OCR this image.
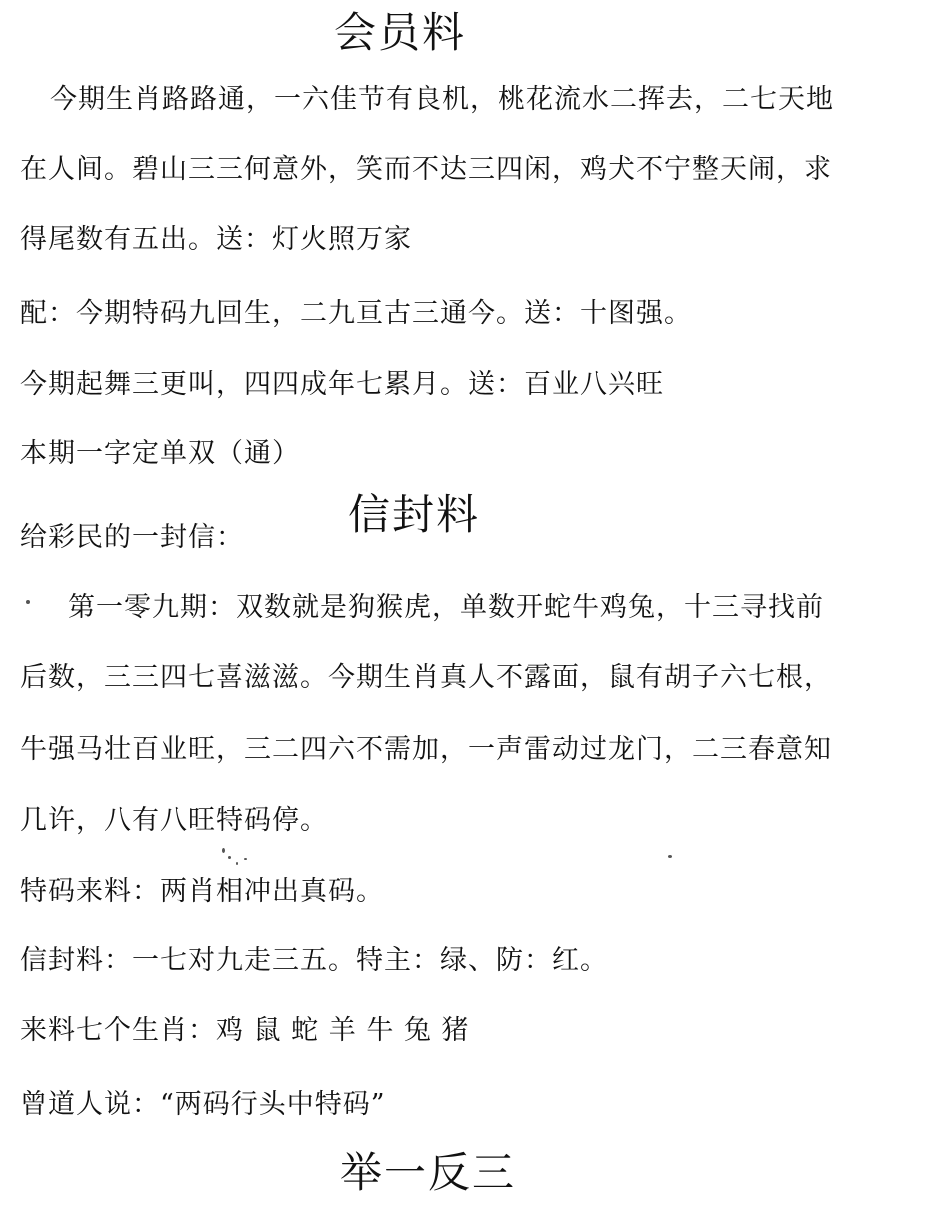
会员料
今期生肖路路通，一六佳节有良机，桃花流水二挥去，二七天地
在人间。碧山三三何意外，笑而不达三四闲，鸡犬不宁整天闹，求
得尾数有五出。送：灯火照万家
配：今期特码九回生，二九亘古三通今。送：十图强。
今期起舞三更叫，四四成年七累月。送：百业八兴旺
本期一字定单双（通）
给彩民的一封信： 信封料
第一零九期：双数就是狗猴虎，单数开蛇牛鸡兔，十三寻找前
后数，三三四七喜滋滋。今期生肖真人不露面，鼠有胡子六七根，
牛强马壮百业旺，三二四六不需加，一声雷动过龙门，二三春意知
几许，八有八旺特码停。
特码来料：两肖相冲出真码。
信封料：一七对九走三五。特主：绿、防：红。
来料七个生肖：鸡 鼠 蛇 羊 牛 兔 猪
曾道人说：“两码行头中特码”
举一反三
